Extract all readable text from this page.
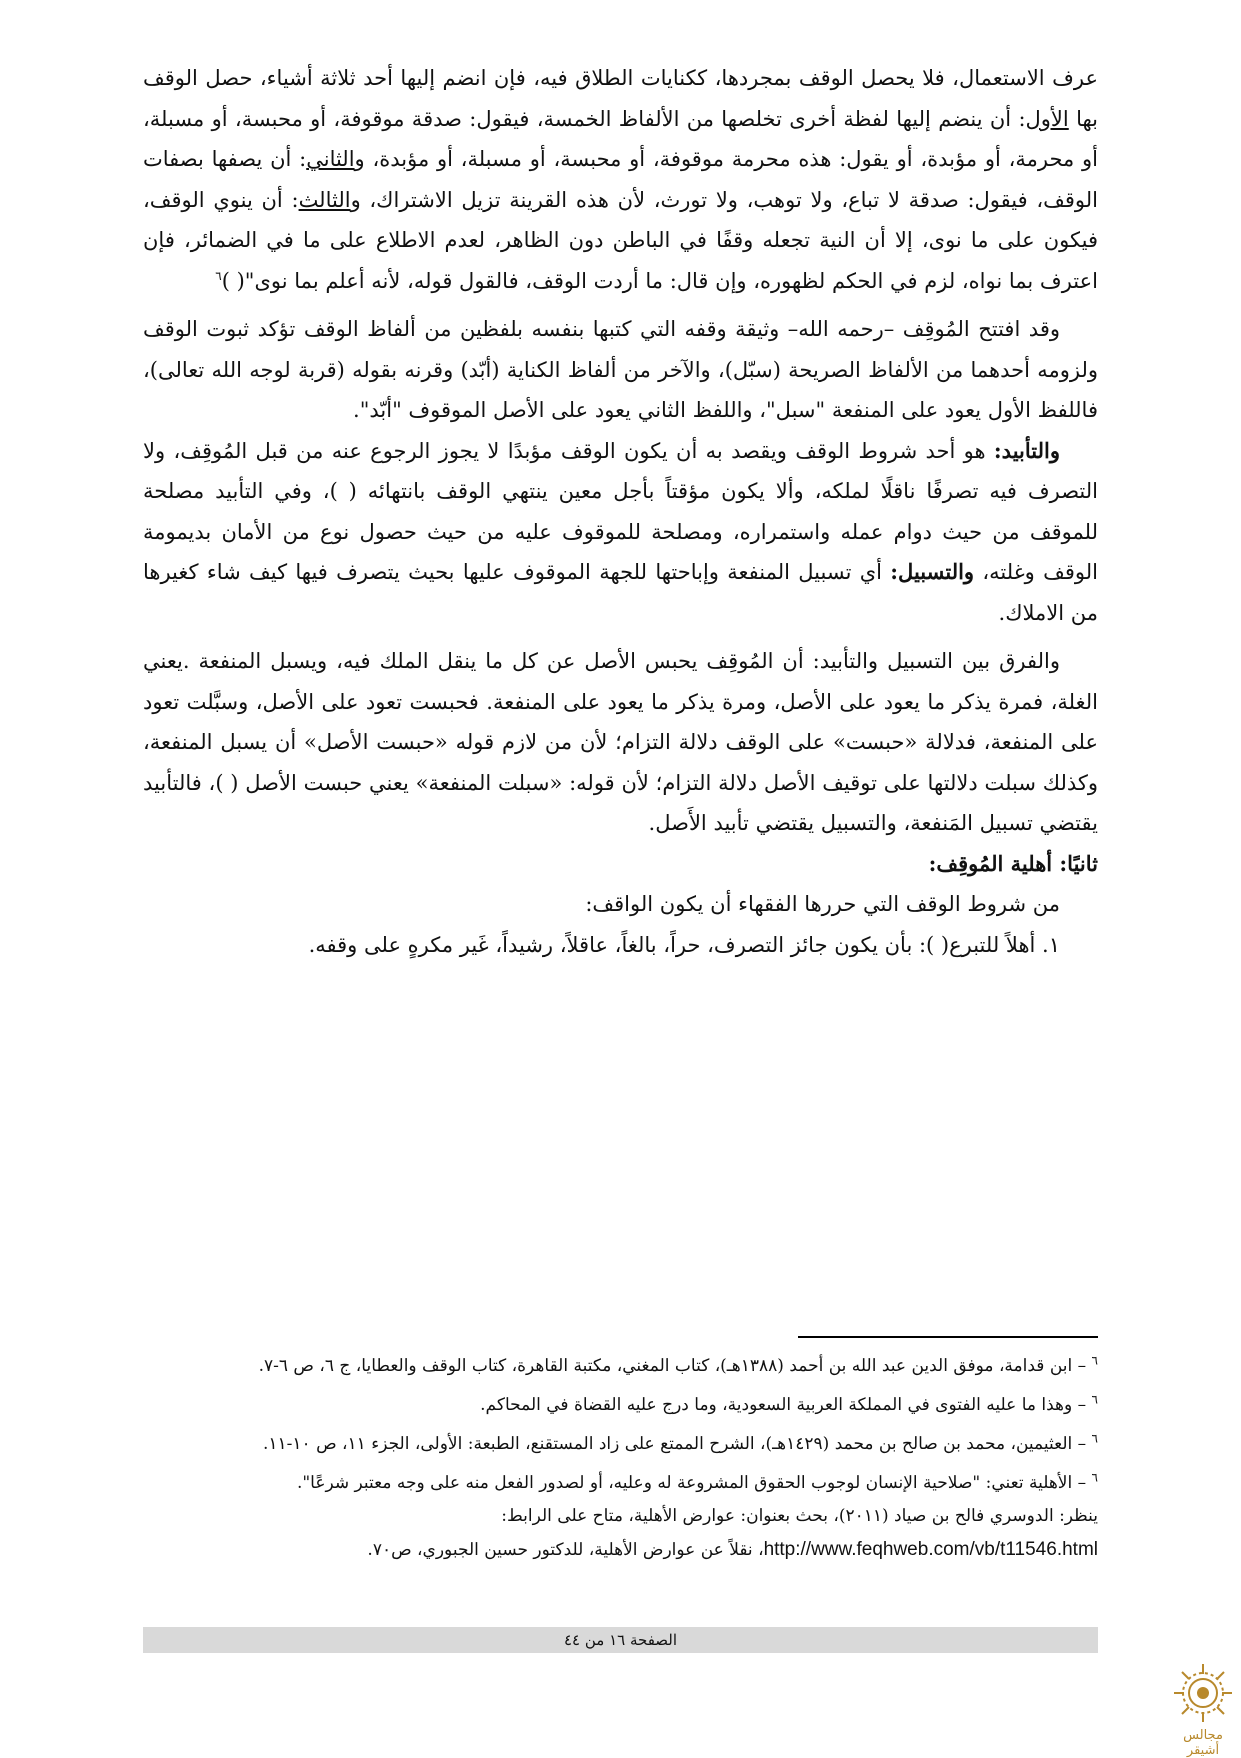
عرف الاستعمال، فلا يحصل الوقف بمجردها، ككنايات الطلاق فيه، فإن انضم إليها أحد ثلاثة أشياء، حصل الوقف بها الأول: أن ينضم إليها لفظة أخرى تخلصها من الألفاظ الخمسة، فيقول: صدقة موقوفة، أو محبسة، أو مسبلة، أو محرمة، أو مؤبدة، أو يقول: هذه محرمة موقوفة، أو محبسة، أو مسبلة، أو مؤبدة، والثاني: أن يصفها بصفات الوقف، فيقول: صدقة لا تباع، ولا توهب، ولا تورث، لأن هذه القرينة تزيل الاشتراك، والثالث: أن ينوي الوقف، فيكون على ما نوى، إلا أن النية تجعله وقفًا في الباطن دون الظاهر، لعدم الاطلاع على ما في الضمائر، فإن اعترف بما نواه، لزم في الحكم لظهوره، وإن قال: ما أردت الوقف، فالقول قوله، لأنه أعلم بما نوى"( )$^٦$

وقد افتتح المُوقِف –رحمه الله– وثيقة وقفه التي كتبها بنفسه بلفظين من ألفاظ الوقف تؤكد ثبوت الوقف ولزومه أحدهما من الألفاظ الصريحة (سبّل)، والآخر من ألفاظ الكناية (أبّد) وقرنه بقوله (قربة لوجه الله تعالى)، فاللفظ الأول يعود على المنفعة "سبل"، واللفظ الثاني يعود على الأصل الموقوف "أبّد".

والتأبيد: هو أحد شروط الوقف ويقصد به أن يكون الوقف مؤبدًا لا يجوز الرجوع عنه من قبل المُوقِف، ولا التصرف فيه تصرفًا ناقلًا لملكه، وألا يكون مؤقتاً بأجل معين ينتهي الوقف بانتهائه ( )، وفي التأبيد مصلحة للموقف من حيث دوام عمله واستمراره، ومصلحة للموقوف عليه من حيث حصول نوع من الأمان بديمومة الوقف وغلته، والتسبيل: أي تسبيل المنفعة وإباحتها للجهة الموقوف عليها بحيث يتصرف فيها كيف شاء كغيرها من الاملاك.

والفرق بين التسبيل والتأبيد: أن المُوقِف يحبس الأصل عن كل ما ينقل الملك فيه، ويسبل المنفعة .يعني الغلة، فمرة يذكر ما يعود على الأصل، ومرة يذكر ما يعود على المنفعة. فحبست تعود على الأصل، وسبَّلت تعود على المنفعة، فدلالة «حبست» على الوقف دلالة التزام؛ لأن من لازم قوله «حبست الأصل» أن يسبل المنفعة، وكذلك سبلت دلالتها على توقيف الأصل دلالة التزام؛ لأن قوله: «سبلت المنفعة» يعني حبست الأصل ( )، فالتأبيد يقتضي تسبيل المَنفعة، والتسبيل يقتضي تأبيد الأَصل.

ثانيًا: أهلية المُوقِف:

من شروط الوقف التي حررها الفقهاء أن يكون الواقف:

١. أهلاً للتبرع( ): بأن يكون جائز التصرف، حراً، بالغاً، عاقلاً، رشيداً، غَير مكرهٍ على وقفه.

$^٦$ – ابن قدامة، موفق الدين عبد الله بن أحمد (١٣٨٨هـ)، كتاب المغني، مكتبة القاهرة، كتاب الوقف والعطايا، ج ٦، ص ٦-٧.

$^٦$ – وهذا ما عليه الفتوى في المملكة العربية السعودية، وما درج عليه القضاة في المحاكم.

$^٦$ – العثيمين، محمد بن صالح بن محمد (١٤٢٩هـ)، الشرح الممتع على زاد المستقنع، الطبعة: الأولى، الجزء ١١، ص ١٠-١١.

$^٦$ – الأهلية تعني: "صلاحية الإنسان لوجوب الحقوق المشروعة له وعليه، أو لصدور الفعل منه على وجه معتبر شرعًا".

ينظر: الدوسري فالح بن صياد (٢٠١١)، بحث بعنوان: عوارض الأهلية، متاح على الرابط:

http://www.feqhweb.com/vb/t11546.html، نقلاً عن عوارض الأهلية، للدكتور حسين الجبوري، ص٧٠.

الصفحة ١٦ من ٤٤
مجالس أشيقر
